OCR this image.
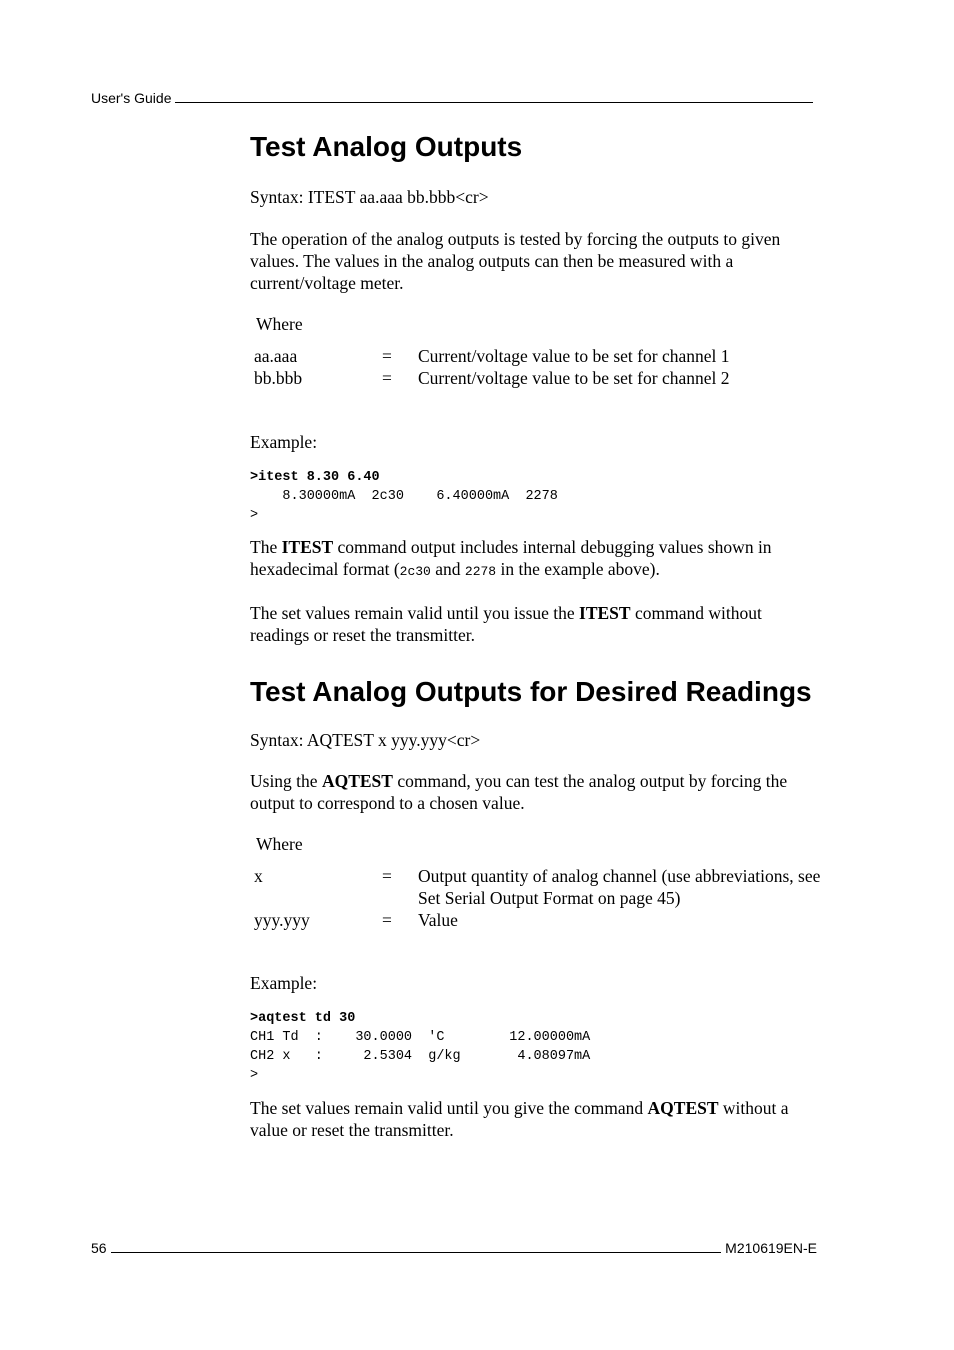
User's Guide
Test Analog Outputs

Syntax: ITEST aa.aaa bb.bbb<cr>

The operation of the analog outputs is tested by forcing the outputs to given values. The values in the analog outputs can then be measured with a current/voltage meter.

Where
aa.aaa	=	Current/voltage value to be set for channel 1
bb.bbb	=	Current/voltage value to be set for channel 2

Example:

>itest 8.30 6.40
8.30000mA  2c30    6.40000mA  2278
>

The ITEST command output includes internal debugging values shown in hexadecimal format (2c30 and 2278 in the example above).

The set values remain valid until you issue the ITEST command without readings or reset the transmitter.

Test Analog Outputs for Desired Readings

Syntax: AQTEST x yyy.yyy<cr>

Using the AQTEST command, you can test the analog output by forcing the output to correspond to a chosen value.

Where
x	=	Output quantity of analog channel (use abbreviations, see Set Serial Output Format on page 45)
yyy.yyy	=	Value

Example:

>aqtest td 30
CH1 Td  :    30.0000  'C        12.00000mA
CH2 x   :     2.5304  g/kg       4.08097mA
>

The set values remain valid until you give the command AQTEST without a value or reset the transmitter.

56	M210619EN-E
